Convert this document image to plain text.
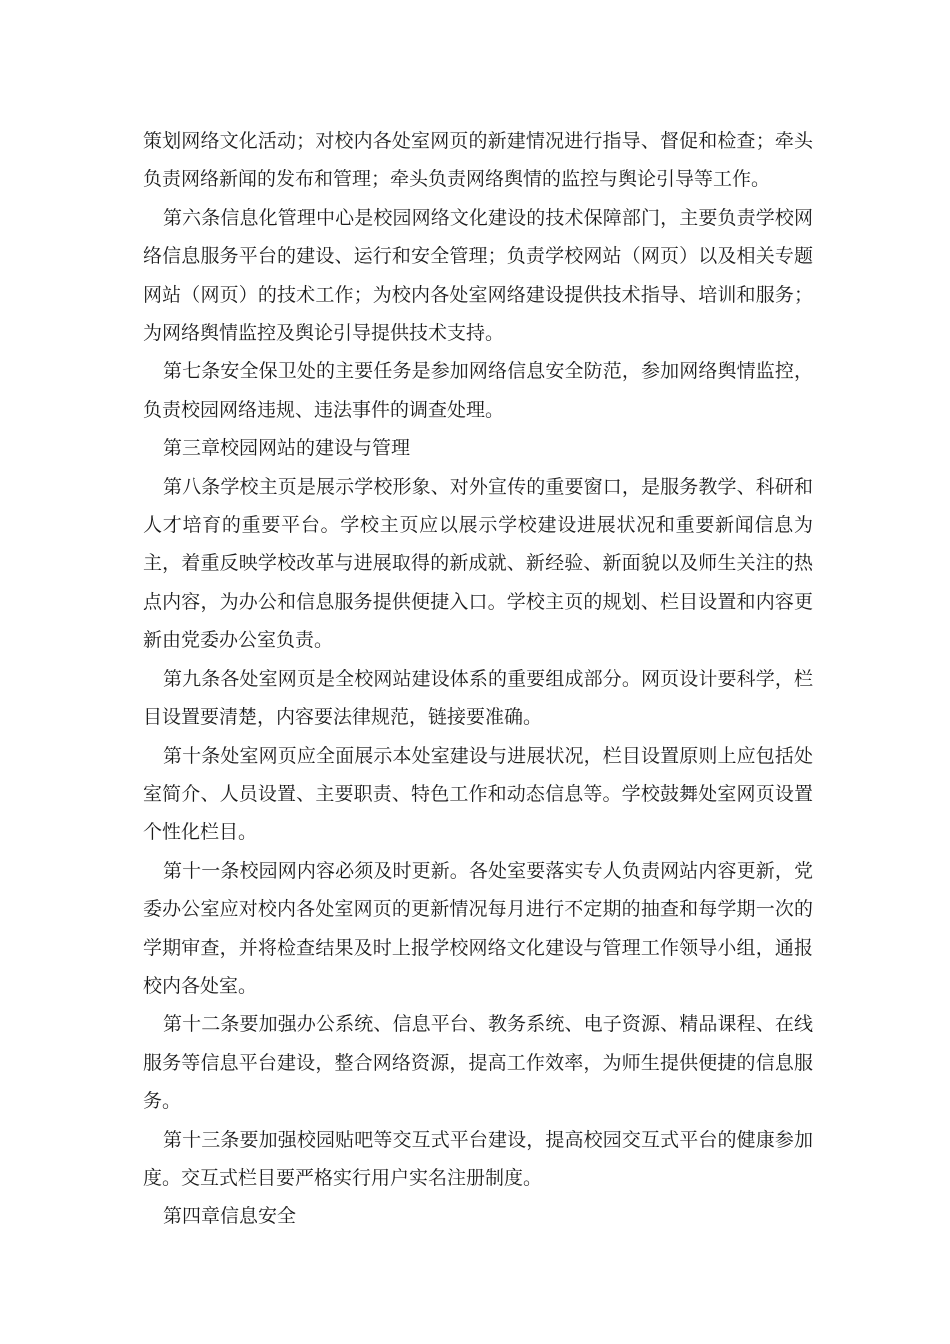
策划网络文化活动；对校内各处室网页的新建情况进行指导、督促和检查；牵头负责网络新闻的发布和管理；牵头负责网络舆情的监控与舆论引导等工作。

第六条信息化管理中心是校园网络文化建设的技术保障部门，主要负责学校网络信息服务平台的建设、运行和安全管理；负责学校网站（网页）以及相关专题网站（网页）的技术工作；为校内各处室网络建设提供技术指导、培训和服务；为网络舆情监控及舆论引导提供技术支持。

第七条安全保卫处的主要任务是参加网络信息安全防范，参加网络舆情监控，负责校园网络违规、违法事件的调查处理。

第三章校园网站的建设与管理

第八条学校主页是展示学校形象、对外宣传的重要窗口，是服务教学、科研和人才培育的重要平台。学校主页应以展示学校建设进展状况和重要新闻信息为主，着重反映学校改革与进展取得的新成就、新经验、新面貌以及师生关注的热点内容，为办公和信息服务提供便捷入口。学校主页的规划、栏目设置和内容更新由党委办公室负责。

第九条各处室网页是全校网站建设体系的重要组成部分。网页设计要科学，栏目设置要清楚，内容要法律规范，链接要准确。

第十条处室网页应全面展示本处室建设与进展状况，栏目设置原则上应包括处室简介、人员设置、主要职责、特色工作和动态信息等。学校鼓舞处室网页设置个性化栏目。

第十一条校园网内容必须及时更新。各处室要落实专人负责网站内容更新，党委办公室应对校内各处室网页的更新情况每月进行不定期的抽查和每学期一次的学期审查，并将检查结果及时上报学校网络文化建设与管理工作领导小组，通报校内各处室。

第十二条要加强办公系统、信息平台、教务系统、电子资源、精品课程、在线服务等信息平台建设，整合网络资源，提高工作效率，为师生提供便捷的信息服务。

第十三条要加强校园贴吧等交互式平台建设，提高校园交互式平台的健康参加度。交互式栏目要严格实行用户实名注册制度。

第四章信息安全
